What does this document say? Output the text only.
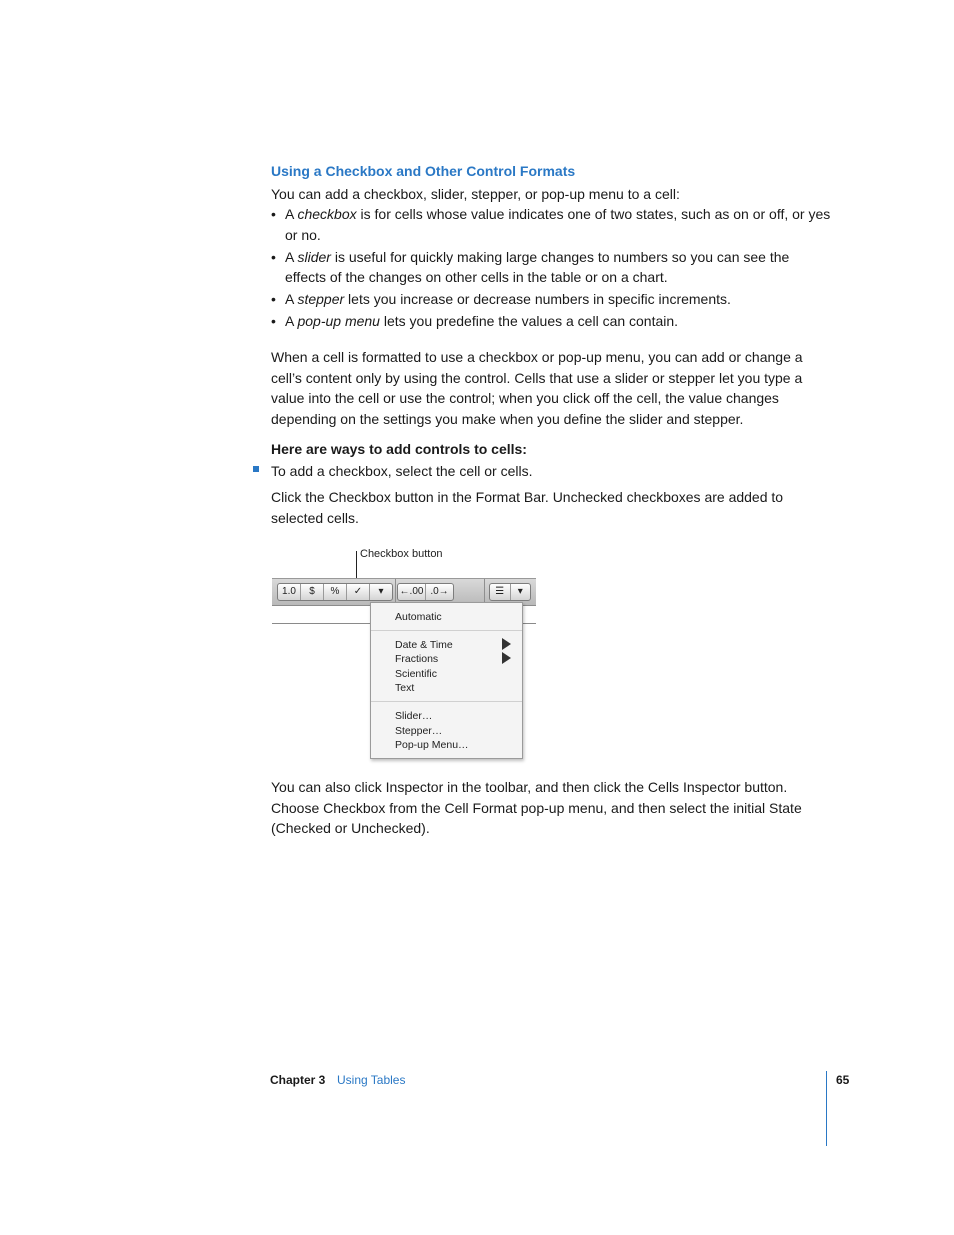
Using a Checkbox and Other Control Formats
You can add a checkbox, slider, stepper, or pop-up menu to a cell:
• A checkbox is for cells whose value indicates one of two states, such as on or off, or yes or no.
• A slider is useful for quickly making large changes to numbers so you can see the effects of the changes on other cells in the table or on a chart.
• A stepper lets you increase or decrease numbers in specific increments.
• A pop-up menu lets you predefine the values a cell can contain.
When a cell is formatted to use a checkbox or pop-up menu, you can add or change a cell’s content only by using the control. Cells that use a slider or stepper let you type a value into the cell or use the control; when you click off the cell, the value changes depending on the settings you make when you define the slider and stepper.
Here are ways to add controls to cells:
To add a checkbox, select the cell or cells.
Click the Checkbox button in the Format Bar. Unchecked checkboxes are added to selected cells.
Checkbox button
1.0	$	%	✓	▾	←.00 .0→	☰	▾
Automatic
Date & Time
Fractions
Scientific
Text
Slider…
Stepper…
Pop-up Menu…
You can also click Inspector in the toolbar, and then click the Cells Inspector button. Choose Checkbox from the Cell Format pop-up menu, and then select the initial State (Checked or Unchecked).
Chapter 3 Using Tables	65
